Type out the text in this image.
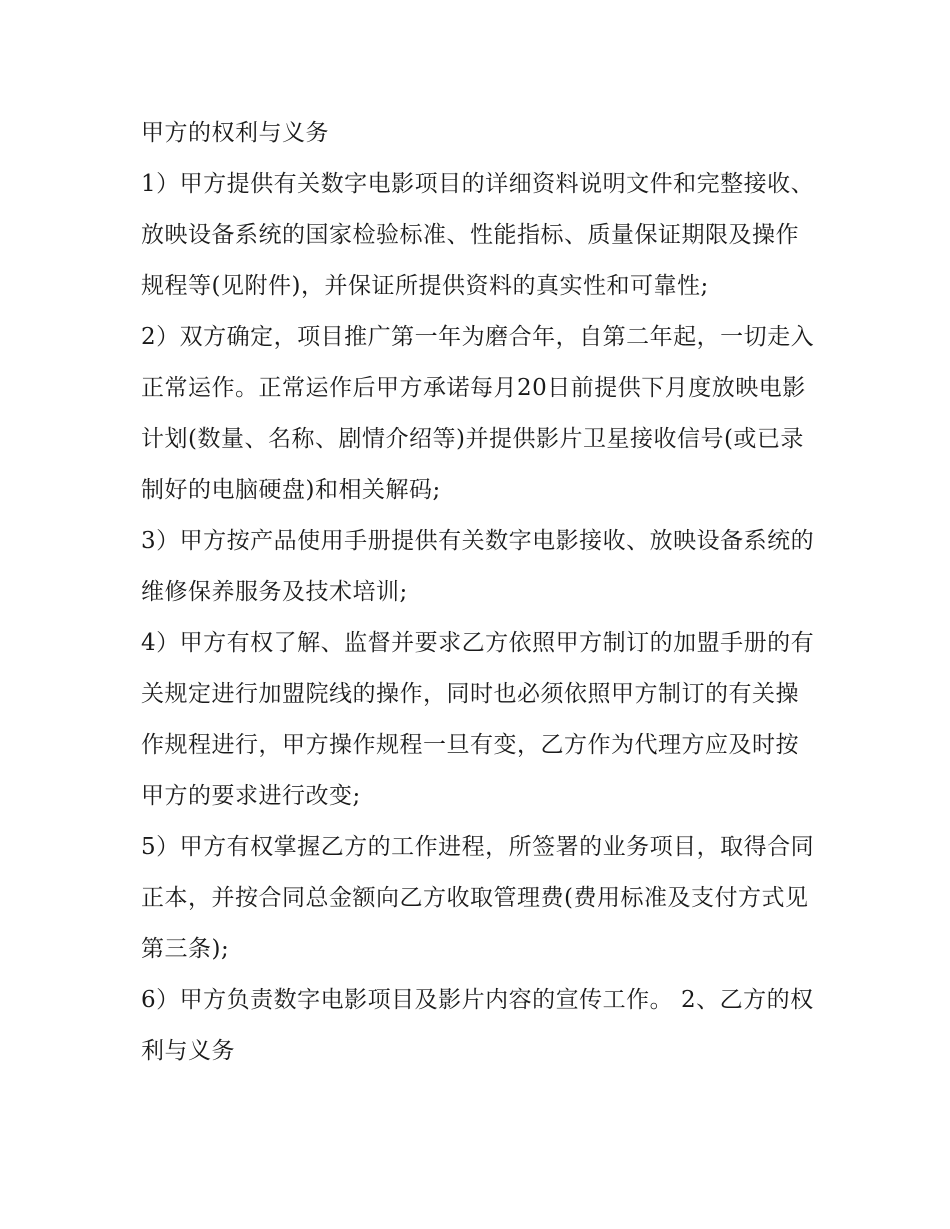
甲方的权利与义务

1）甲方提供有关数字电影项目的详细资料说明文件和完整接收、放映设备系统的国家检验标准、性能指标、质量保证期限及操作规程等(见附件)，并保证所提供资料的真实性和可靠性;

2）双方确定，项目推广第一年为磨合年，自第二年起，一切走入正常运作。正常运作后甲方承诺每月20日前提供下月度放映电影计划(数量、名称、剧情介绍等)并提供影片卫星接收信号(或已录制好的电脑硬盘)和相关解码;

3）甲方按产品使用手册提供有关数字电影接收、放映设备系统的维修保养服务及技术培训;

4）甲方有权了解、监督并要求乙方依照甲方制订的加盟手册的有关规定进行加盟院线的操作，同时也必须依照甲方制订的有关操作规程进行，甲方操作规程一旦有变，乙方作为代理方应及时按甲方的要求进行改变;

5）甲方有权掌握乙方的工作进程，所签署的业务项目，取得合同正本，并按合同总金额向乙方收取管理费(费用标准及支付方式见第三条);

6）甲方负责数字电影项目及影片内容的宣传工作。 2、乙方的权利与义务
